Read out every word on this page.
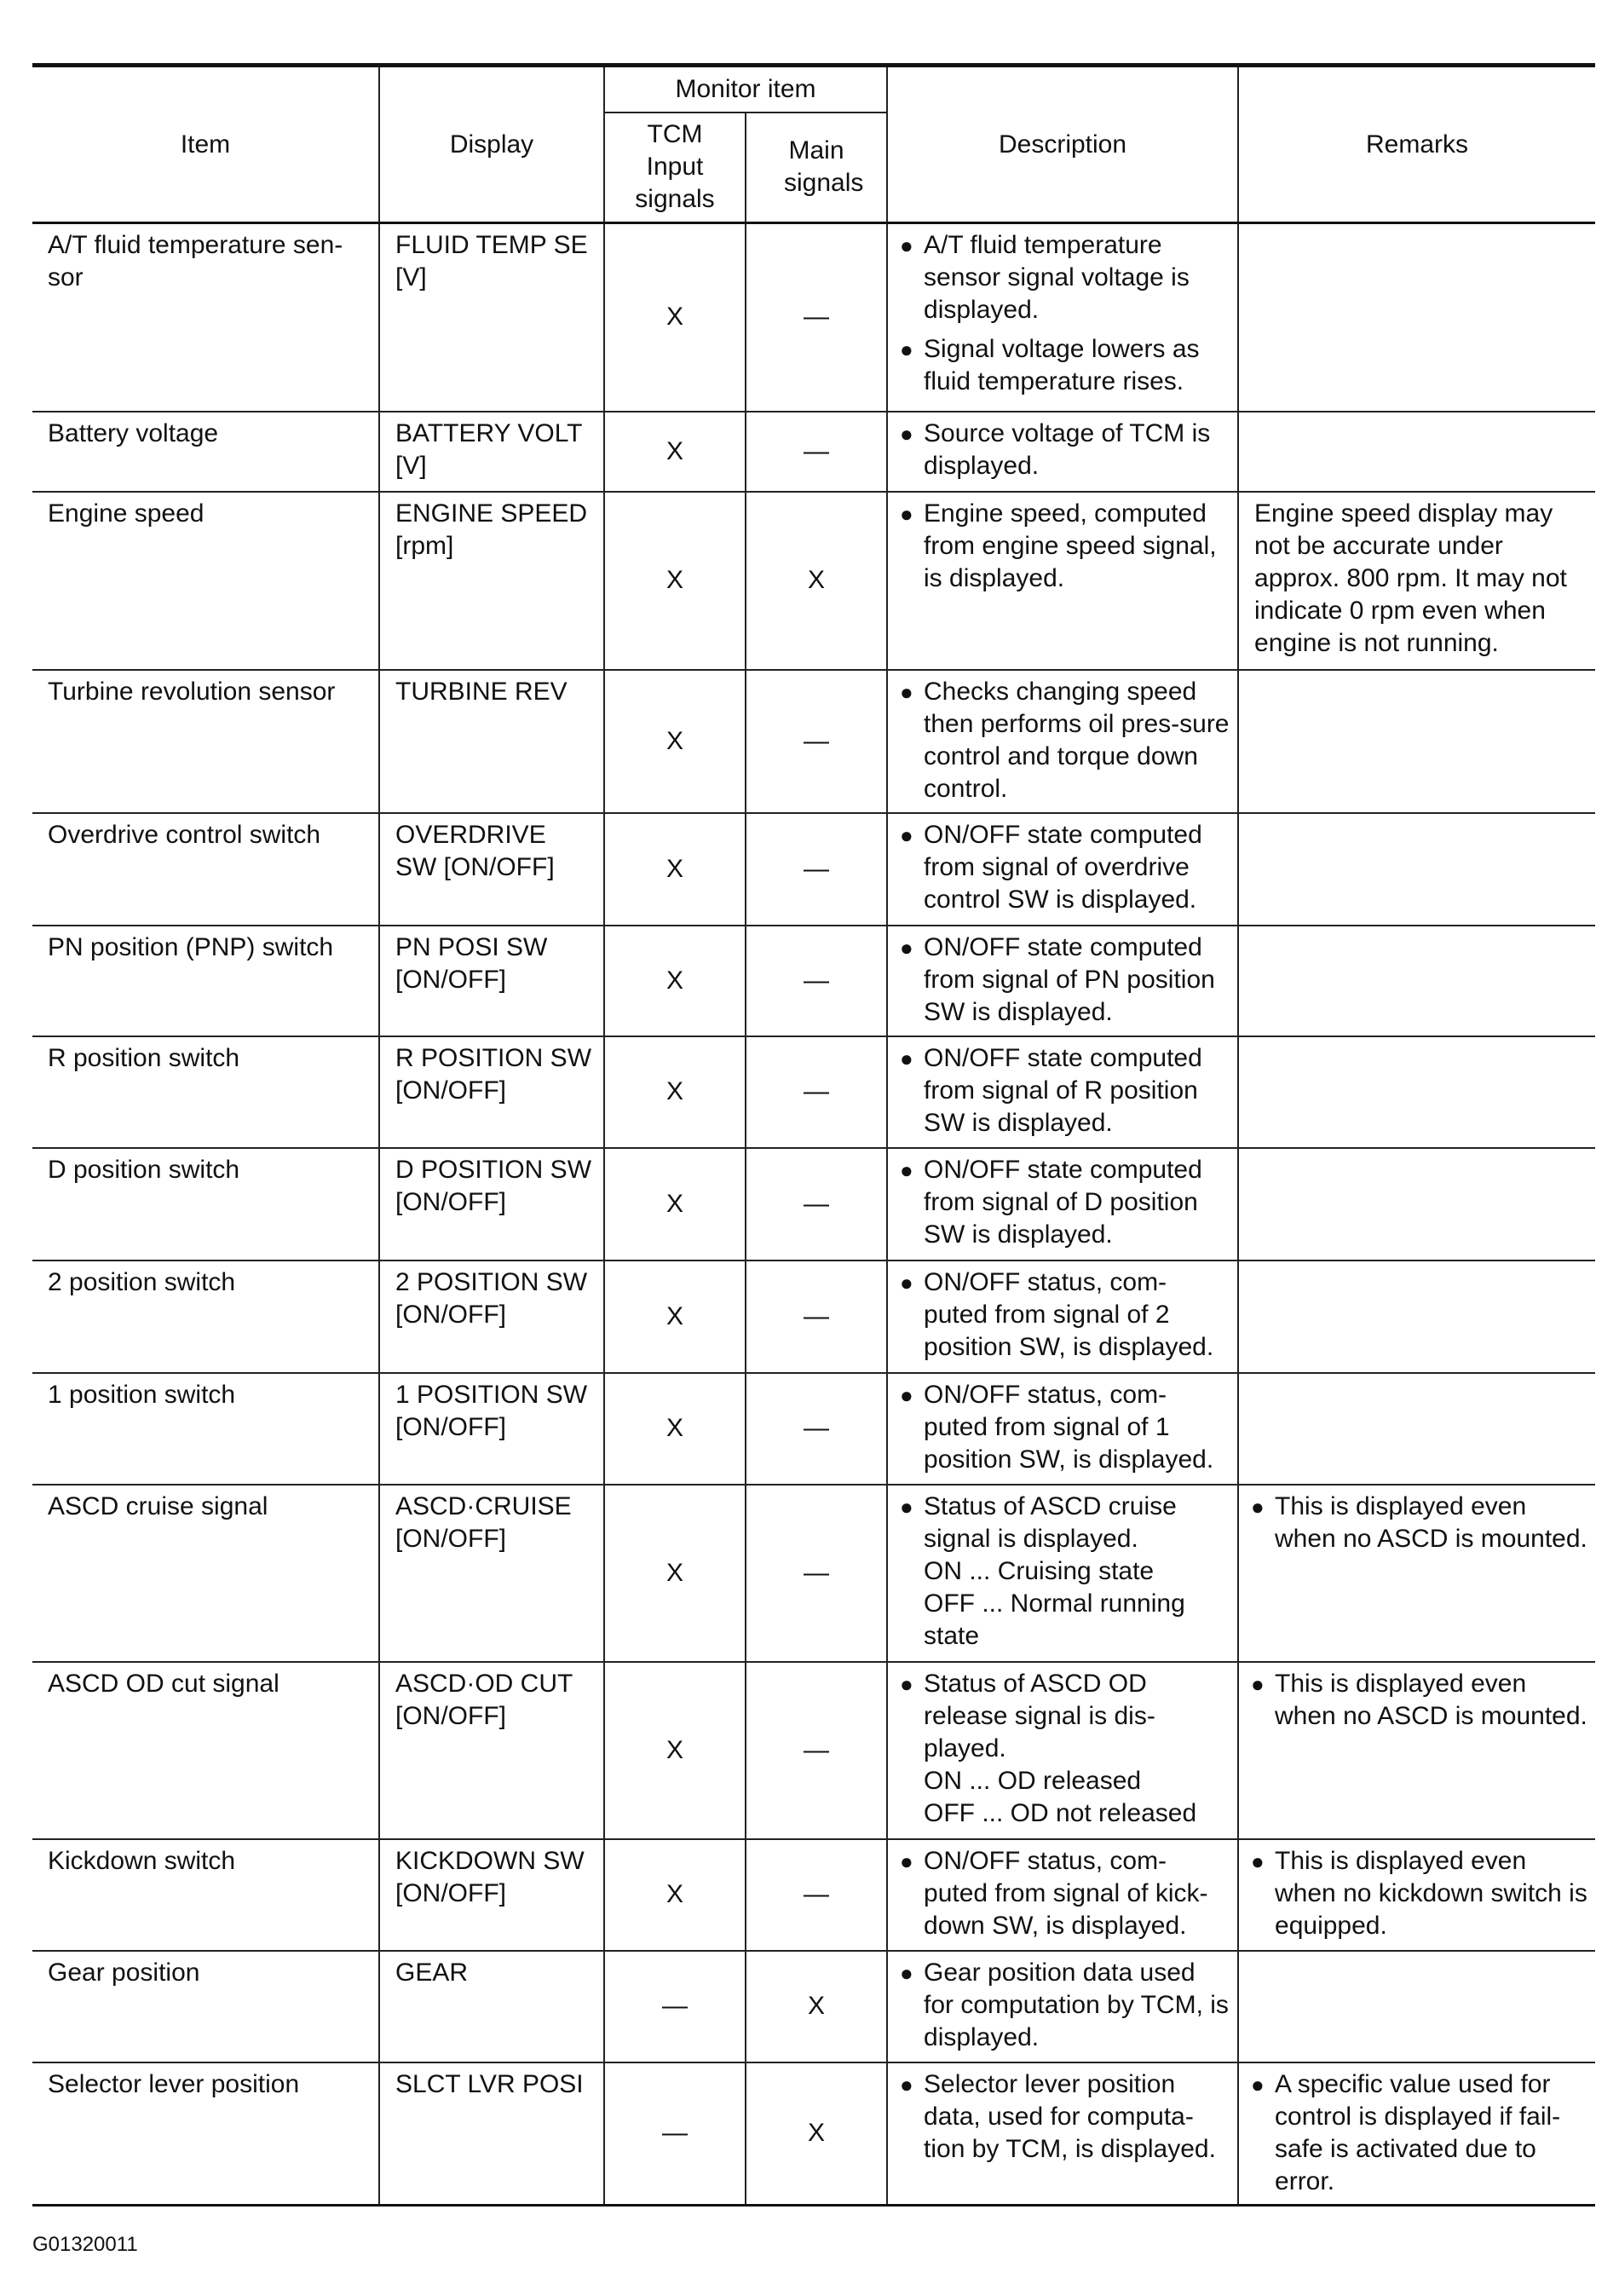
Item	Display	Monitor item		Description	Remarks
		TCM Input signals	Main signals		
A/T fluid temperature sen-sor	FLUID TEMP SE [V]	X	—	● A/T fluid temperature sensor signal voltage is displayed.
● Signal voltage lowers as fluid temperature rises.	

Battery voltage	BATTERY VOLT [V]	X	—	● Source voltage of TCM is displayed.	

Engine speed	ENGINE SPEED [rpm]	X	X	● Engine speed, computed from engine speed signal, is displayed.	Engine speed display may not be accurate under approx. 800 rpm. It may not indicate 0 rpm even when engine is not running.

Turbine revolution sensor	TURBINE REV	X	—	● Checks changing speed then performs oil pres-sure control and torque down control.	

Overdrive control switch	OVERDRIVE SW [ON/OFF]	X	—	● ON/OFF state computed from signal of overdrive control SW is displayed.	

PN position (PNP) switch	PN POSI SW [ON/OFF]	X	—	● ON/OFF state computed from signal of PN position SW is displayed.	

R position switch	R POSITION SW [ON/OFF]	X	—	● ON/OFF state computed from signal of R position SW is displayed.	

D position switch	D POSITION SW [ON/OFF]	X	—	● ON/OFF state computed from signal of D position SW is displayed.	

2 position switch	2 POSITION SW [ON/OFF]	X	—	● ON/OFF status, com-puted from signal of 2 position SW, is displayed.	

1 position switch	1 POSITION SW [ON/OFF]	X	—	● ON/OFF status, com-puted from signal of 1 position SW, is displayed.	

ASCD cruise signal	ASCD·CRUISE [ON/OFF]	X	—	● Status of ASCD cruise signal is displayed.
ON ... Cruising state
OFF ... Normal running state	● This is displayed even when no ASCD is mounted.

ASCD OD cut signal	ASCD·OD CUT [ON/OFF]	X	—	● Status of ASCD OD release signal is dis-played.
ON ... OD released
OFF ... OD not released	● This is displayed even when no ASCD is mounted.

Kickdown switch	KICKDOWN SW [ON/OFF]	X	—	● ON/OFF status, com-puted from signal of kick-down SW, is displayed.	● This is displayed even when no kickdown switch is equipped.

Gear position	GEAR	—	X	● Gear position data used for computation by TCM, is displayed.	

Selector lever position	SLCT LVR POSI	—	X	● Selector lever position data, used for computa-tion by TCM, is displayed.	● A specific value used for control is displayed if fail-safe is activated due to error.
G01320011
